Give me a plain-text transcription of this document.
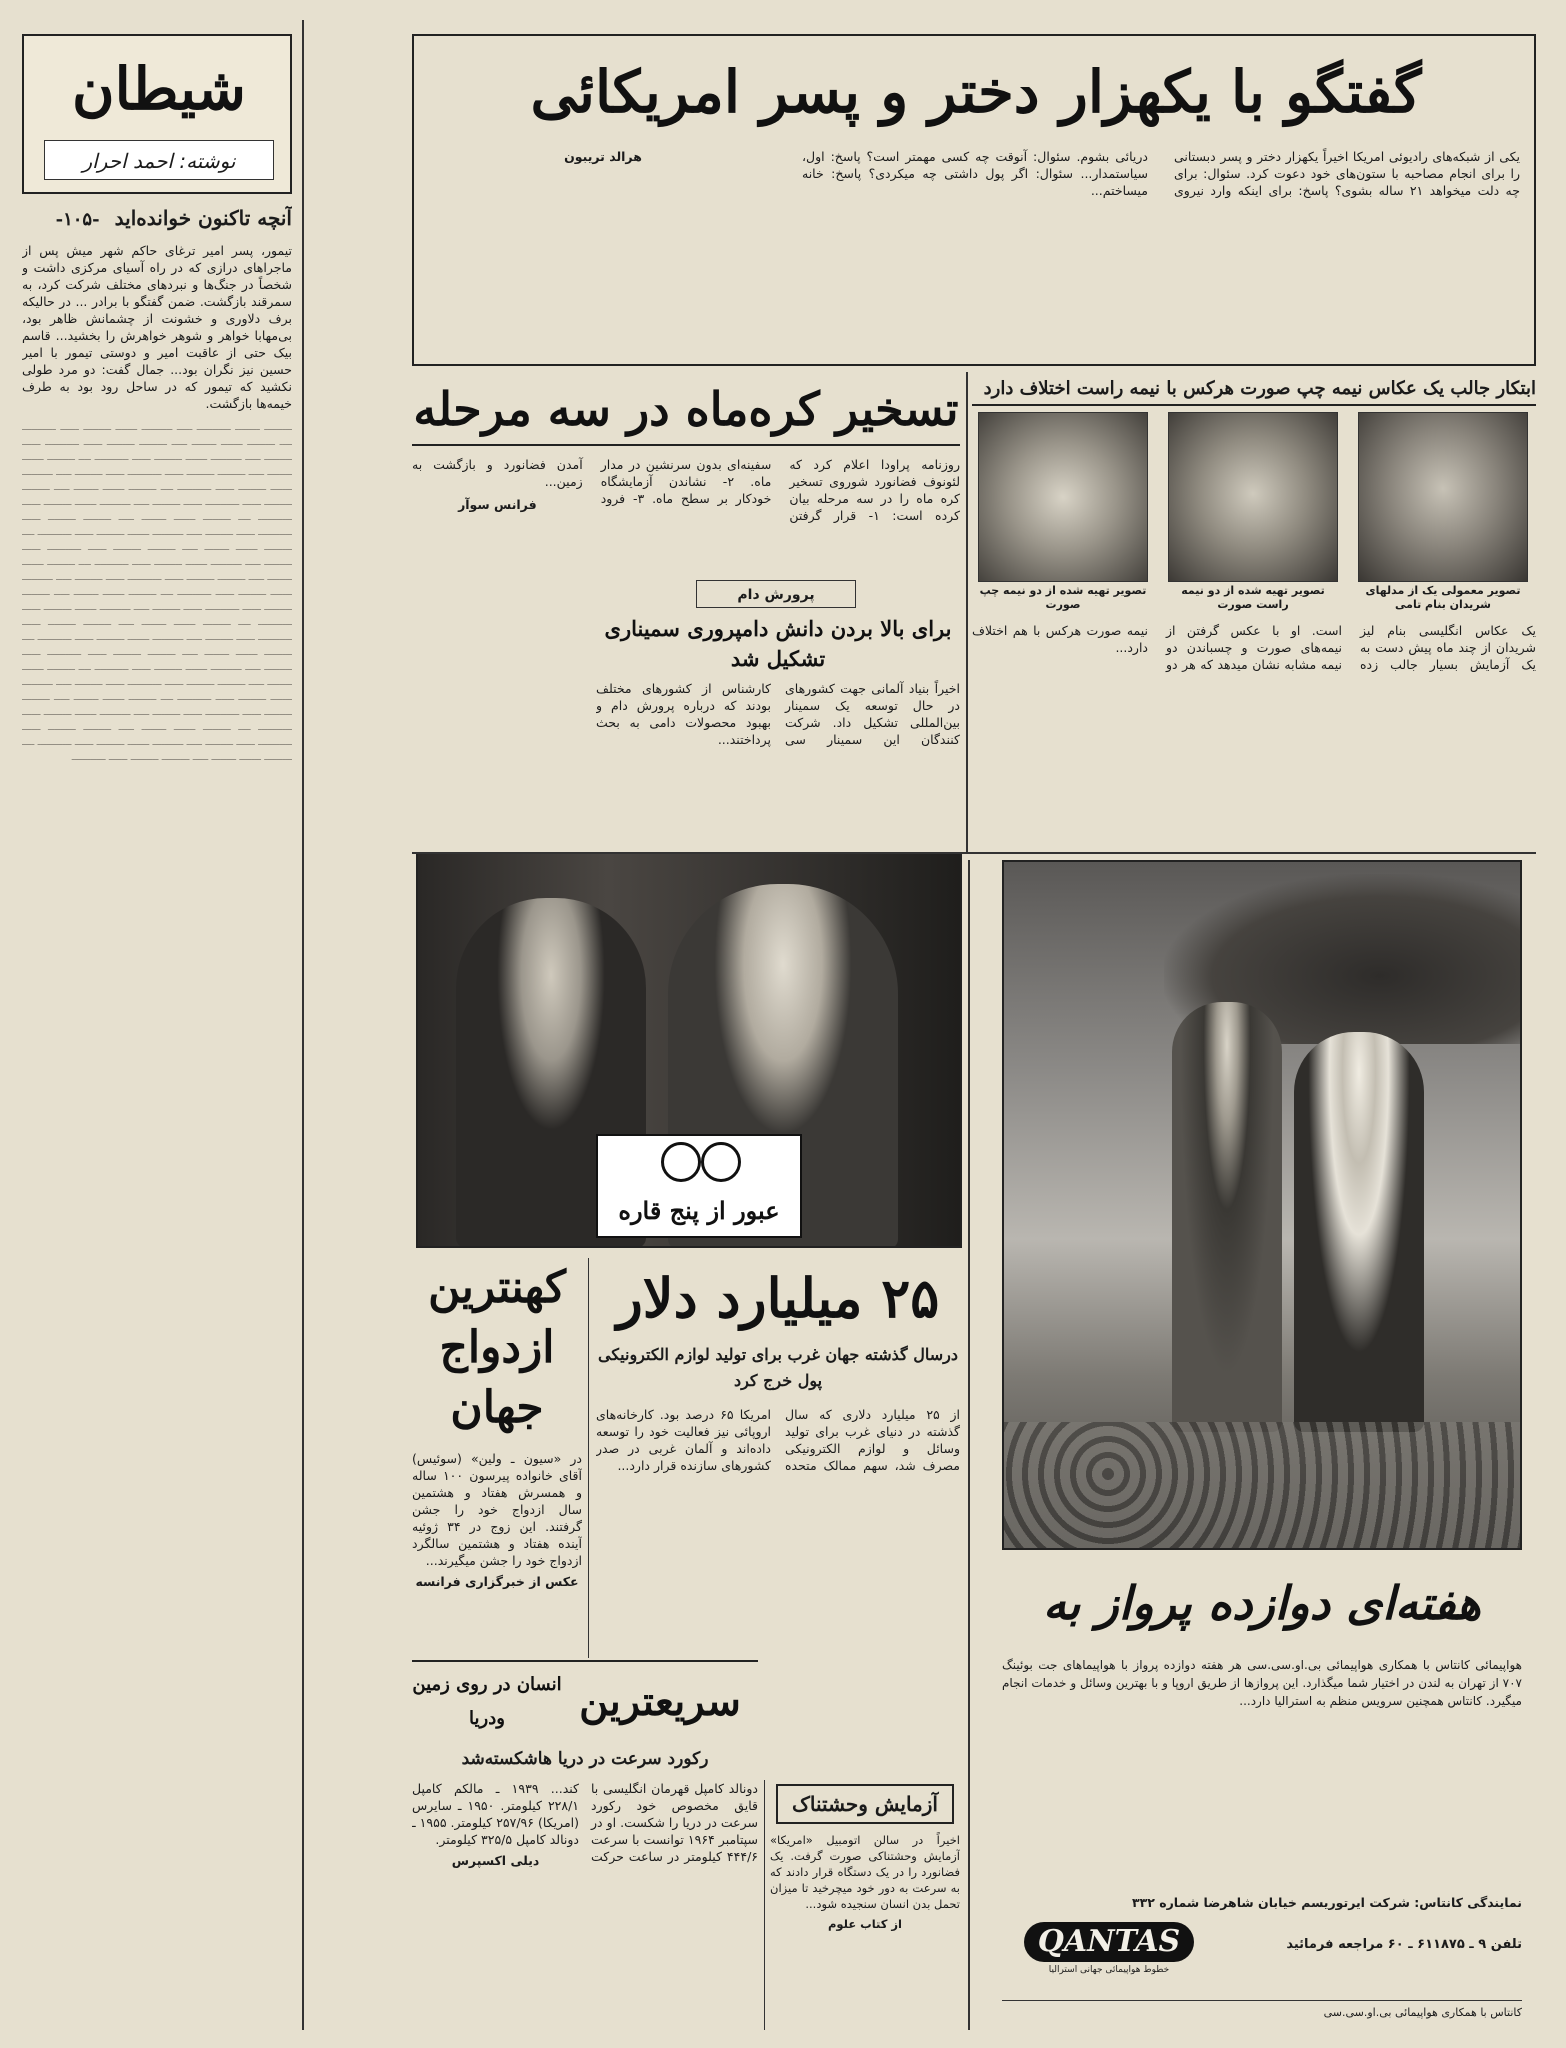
شیطان
نوشته: احمد احرار
آنچه تاکنون خوانده‌اید -۱۰۵-

تیمور، پسر امیر ترغای حاکم شهر میش پس از ماجراهای درازی که در راه آسیای مرکزی داشت و شخصاً در جنگ‌ها و نبردهای مختلف شرکت کرد، به سمرقند بازگشت. ضمن گفتگو با برادر ... در حالیکه برف دلاوری و خشونت از چشمانش ظاهر بود، بی‌مهابا خواهر و شوهر خواهرش را بخشید... قاسم بیک حتی از عاقبت امیر و دوستی تیمور با امیر حسین نیز نگران بود... جمال گفت: دو مرد طولی نکشید که تیمور که در ساحل رود بود به طرف خیمه‌ها بازگشت.

ـــــــــ ــــــــ ـــــــــــ ـــــ ــــــــــ ـــــــ ـــــــــ ــــــ ـــــــــــ ــــ ـــــــــ ـــــــ ــــــــ ـــــ ـــــــــ ـــــــــ ــــــ ـــــــــــ ــــــ ـــــــــ ـــــ ــــــــــ ـــــــ ـــــــــ ــــــ ـــــــــــ ــــ ـــــــــ ـــــــ ــــــــ ـــــ ـــــــــ ـــــــــ ــــــ ـــــــــــ ــــــ ـــــــــ ـــــ ــــــــــ ـــــــ ـــــــــ ــــــ ـــــــــــ ــــ ـــــــــ ـــــــ ــــــــ ـــــ ـــــــــ ـــــــــ ــــــ ـــــــــــ ــــــ ـــــــــ ـــــ ــــــــــ ـــــــ ـــــــــ ــــــ ـــــــــــ ــــ ـــــــــ ـــــــ ــــــــ ـــــ ـــــــــ ـــــــــ ــــــ ـــــــــــ ــــــ ـــــــــ ـــــ ــــــــــ ـــــــ ـــــــــ ــــــ ـــــــــــ ــــ ـــــــــ ـــــــ ــــــــ ـــــ ـــــــــ ـــــــــ ــــــ ـــــــــــ ــــــ ـــــــــ ـــــ ــــــــــ ـــــــ ـــــــــ ــــــ ـــــــــــ ــــ ـــــــــ ـــــــ ــــــــ ـــــ ـــــــــ ـــــــــ ــــــ ـــــــــــ ــــــ ـــــــــ ـــــ ــــــــــ ـــــــ ـــــــــ ــــــ ـــــــــــ ــــ ـــــــــ ـــــــ ــــــــ ـــــ ـــــــــ ـــــــــ ــــــ ـــــــــــ ــــــ ـــــــــ ـــــ ــــــــــ ـــــــ ـــــــــ ــــــ ـــــــــــ ــــ ـــــــــ ـــــــ ــــــــ ـــــ ـــــــــ ـــــــــ ــــــ ـــــــــــ ــــــ ـــــــــ ـــــ ــــــــــ ـــــــ ـــــــــ ــــــ ـــــــــــ ــــ ـــــــــ ـــــــ ــــــــ ـــــ ـــــــــ ـــــــــ ــــــ ـــــــــــ ــــــ ـــــــــ ـــــ ــــــــــ ـــــــ ـــــــــ ــــــ ـــــــــــ ــــ ـــــــــ ـــــــ ــــــــ ـــــ ـــــــــ ـــــــــ ــــــ ـــــــــــ ــــــ ـــــــــ ـــــ ــــــــــ ـــــــ ـــــــــ ــــــ ـــــــــــ ــــ ـــــــــ ـــــــ ــــــــ ـــــ ـــــــــ ـــــــــ ــــــ ـــــــــــ ــــــ ـــــــــ ـــــ ــــــــــ ـــــــ ـــــــــ ــــــ ـــــــــــ ــــ ـــــــــ ـــــــ ــــــــ ـــــ ـــــــــ ـــــــــ ــــــ ـــــــــــ ــــــ ـــــــــ ـــــ ــــــــــ ـــــــ ـــــــــ ــــــ ـــــــــــ ــــ ـــــــــ ـــــــ ــــــــ ـــــ ـــــــــ ـــــــــ ــــــ ـــــــــــ
گفتگو با یکهزار دختر و پسر امریکائی
یکی از شبکه‌های رادیوئی امریکا اخیراً یکهزار دختر و پسر دبستانی را برای انجام مصاحبه با ستون‌های خود دعوت کرد. سئوال: برای چه دلت میخواهد ۲۱ ساله بشوی؟ پاسخ: برای اینکه وارد نیروی دریائی بشوم. سئوال: آنوقت چه کسی مهمتر است؟ پاسخ: اول، سیاستمدار... سئوال: اگر پول داشتی چه میکردی؟ پاسخ: خانه میساختم...
هرالد تریبون
تسخیر کره‌ماه در سه مرحله
روزنامه پراودا اعلام کرد که لئونوف فضانورد شوروی تسخیر کره ماه را در سه مرحله بیان کرده است: ۱- قرار گرفتن سفینه‌ای بدون سرنشین در مدار ماه. ۲- نشاندن آزمایشگاه خودکار بر سطح ماه. ۳- فرود آمدن فضانورد و بازگشت به زمین...
فرانس سوآر
ابتکار جالب یک عکاس نیمه چپ صورت هرکس با نیمه راست اختلاف دارد
تصویر معمولی یک از مدلهای شریدان بنام تامی
تصویر تهیه شده از دو نیمه راست صورت
تصویر تهیه شده از دو نیمه چپ صورت
یک عکاس انگلیسی بنام لیز شریدان از چند ماه پیش دست به یک آزمایش بسیار جالب زده است. او با عکس گرفتن از نیمه‌های صورت و چسباندن دو نیمه مشابه نشان میدهد که هر دو نیمه صورت هرکس با هم اختلاف دارد...
پرورش دام
برای بالا بردن دانش دامپروری سمیناری تشکیل شد
اخیراً بنیاد آلمانی جهت کشورهای در حال توسعه یک سمینار بین‌المللی تشکیل داد. شرکت کنندگان این سمینار سی کارشناس از کشورهای مختلف بودند که درباره پرورش دام و بهبود محصولات دامی به بحث پرداختند...
عبور از پنج قاره
کهنترین ازدواج جهان
در «سیون ـ ولین» (سوئیس) آقای خانواده پیرسون ۱۰۰ ساله و همسرش هفتاد و هشتمین سال ازدواج خود را جشن گرفتند. این زوج در ۳۴ ژوئیه آینده هفتاد و هشتمین سالگرد ازدواج خود را جشن میگیرند...
عکس از خبرگزاری فرانسه
۲۵ میلیارد دلار
درسال گذشته جهان غرب برای تولید لوازم الکترونیکی پول خرج کرد
از ۲۵ میلیارد دلاری که سال گذشته در دنیای غرب برای تولید وسائل و لوازم الکترونیکی مصرف شد، سهم ممالک متحده امریکا ۶۵ درصد بود. کارخانه‌های اروپائی نیز فعالیت خود را توسعه داده‌اند و آلمان غربی در صدر کشورهای سازنده قرار دارد...
انسان در روی زمین ودریا	سریعترین
رکورد سرعت در دریا هاشکسته‌شد
دونالد کامپل قهرمان انگلیسی با قایق مخصوص خود رکورد سرعت در دریا را شکست. او در سپتامبر ۱۹۶۴ توانست با سرعت ۴۴۴/۶ کیلومتر در ساعت حرکت کند... ۱۹۳۹ ـ مالکم کامپل ۲۲۸/۱ کیلومتر. ۱۹۵۰ ـ سایرس (امریکا) ۲۵۷/۹۶ کیلومتر. ۱۹۵۵ ـ دونالد کامپل ۳۲۵/۵ کیلومتر.
دیلی اکسپرس
آزمایش وحشتناک
اخیراً در سالن اتومبیل «امریکا» آزمایش وحشتناکی صورت گرفت. یک فضانورد را در یک دستگاه قرار دادند که به سرعت به دور خود میچرخید تا میزان تحمل بدن انسان سنجیده شود...
از کتاب علوم
هفته‌ای دوازده پرواز به
هواپیمائی کانتاس با همکاری هواپیمائی بی.او.سی.سی هر هفته دوازده پرواز با هواپیماهای جت بوئینگ ۷۰۷ از تهران به لندن در اختیار شما میگذارد. این پروازها از طریق اروپا و با بهترین وسائل و خدمات انجام میگیرد. کانتاس همچنین سرویس منظم به استرالیا دارد...
نمایندگی کانتاس: شرکت ایرتوریسم خیابان شاهرضا شماره ۳۳۲
QANTAS
خطوط هواپیمائی جهانی استرالیا
تلفن ۹ ـ ۶۱۱۸۷۵ ـ ۶۰ مراجعه فرمائید
کانتاس با همکاری هواپیمائی بی.او.سی.سی
